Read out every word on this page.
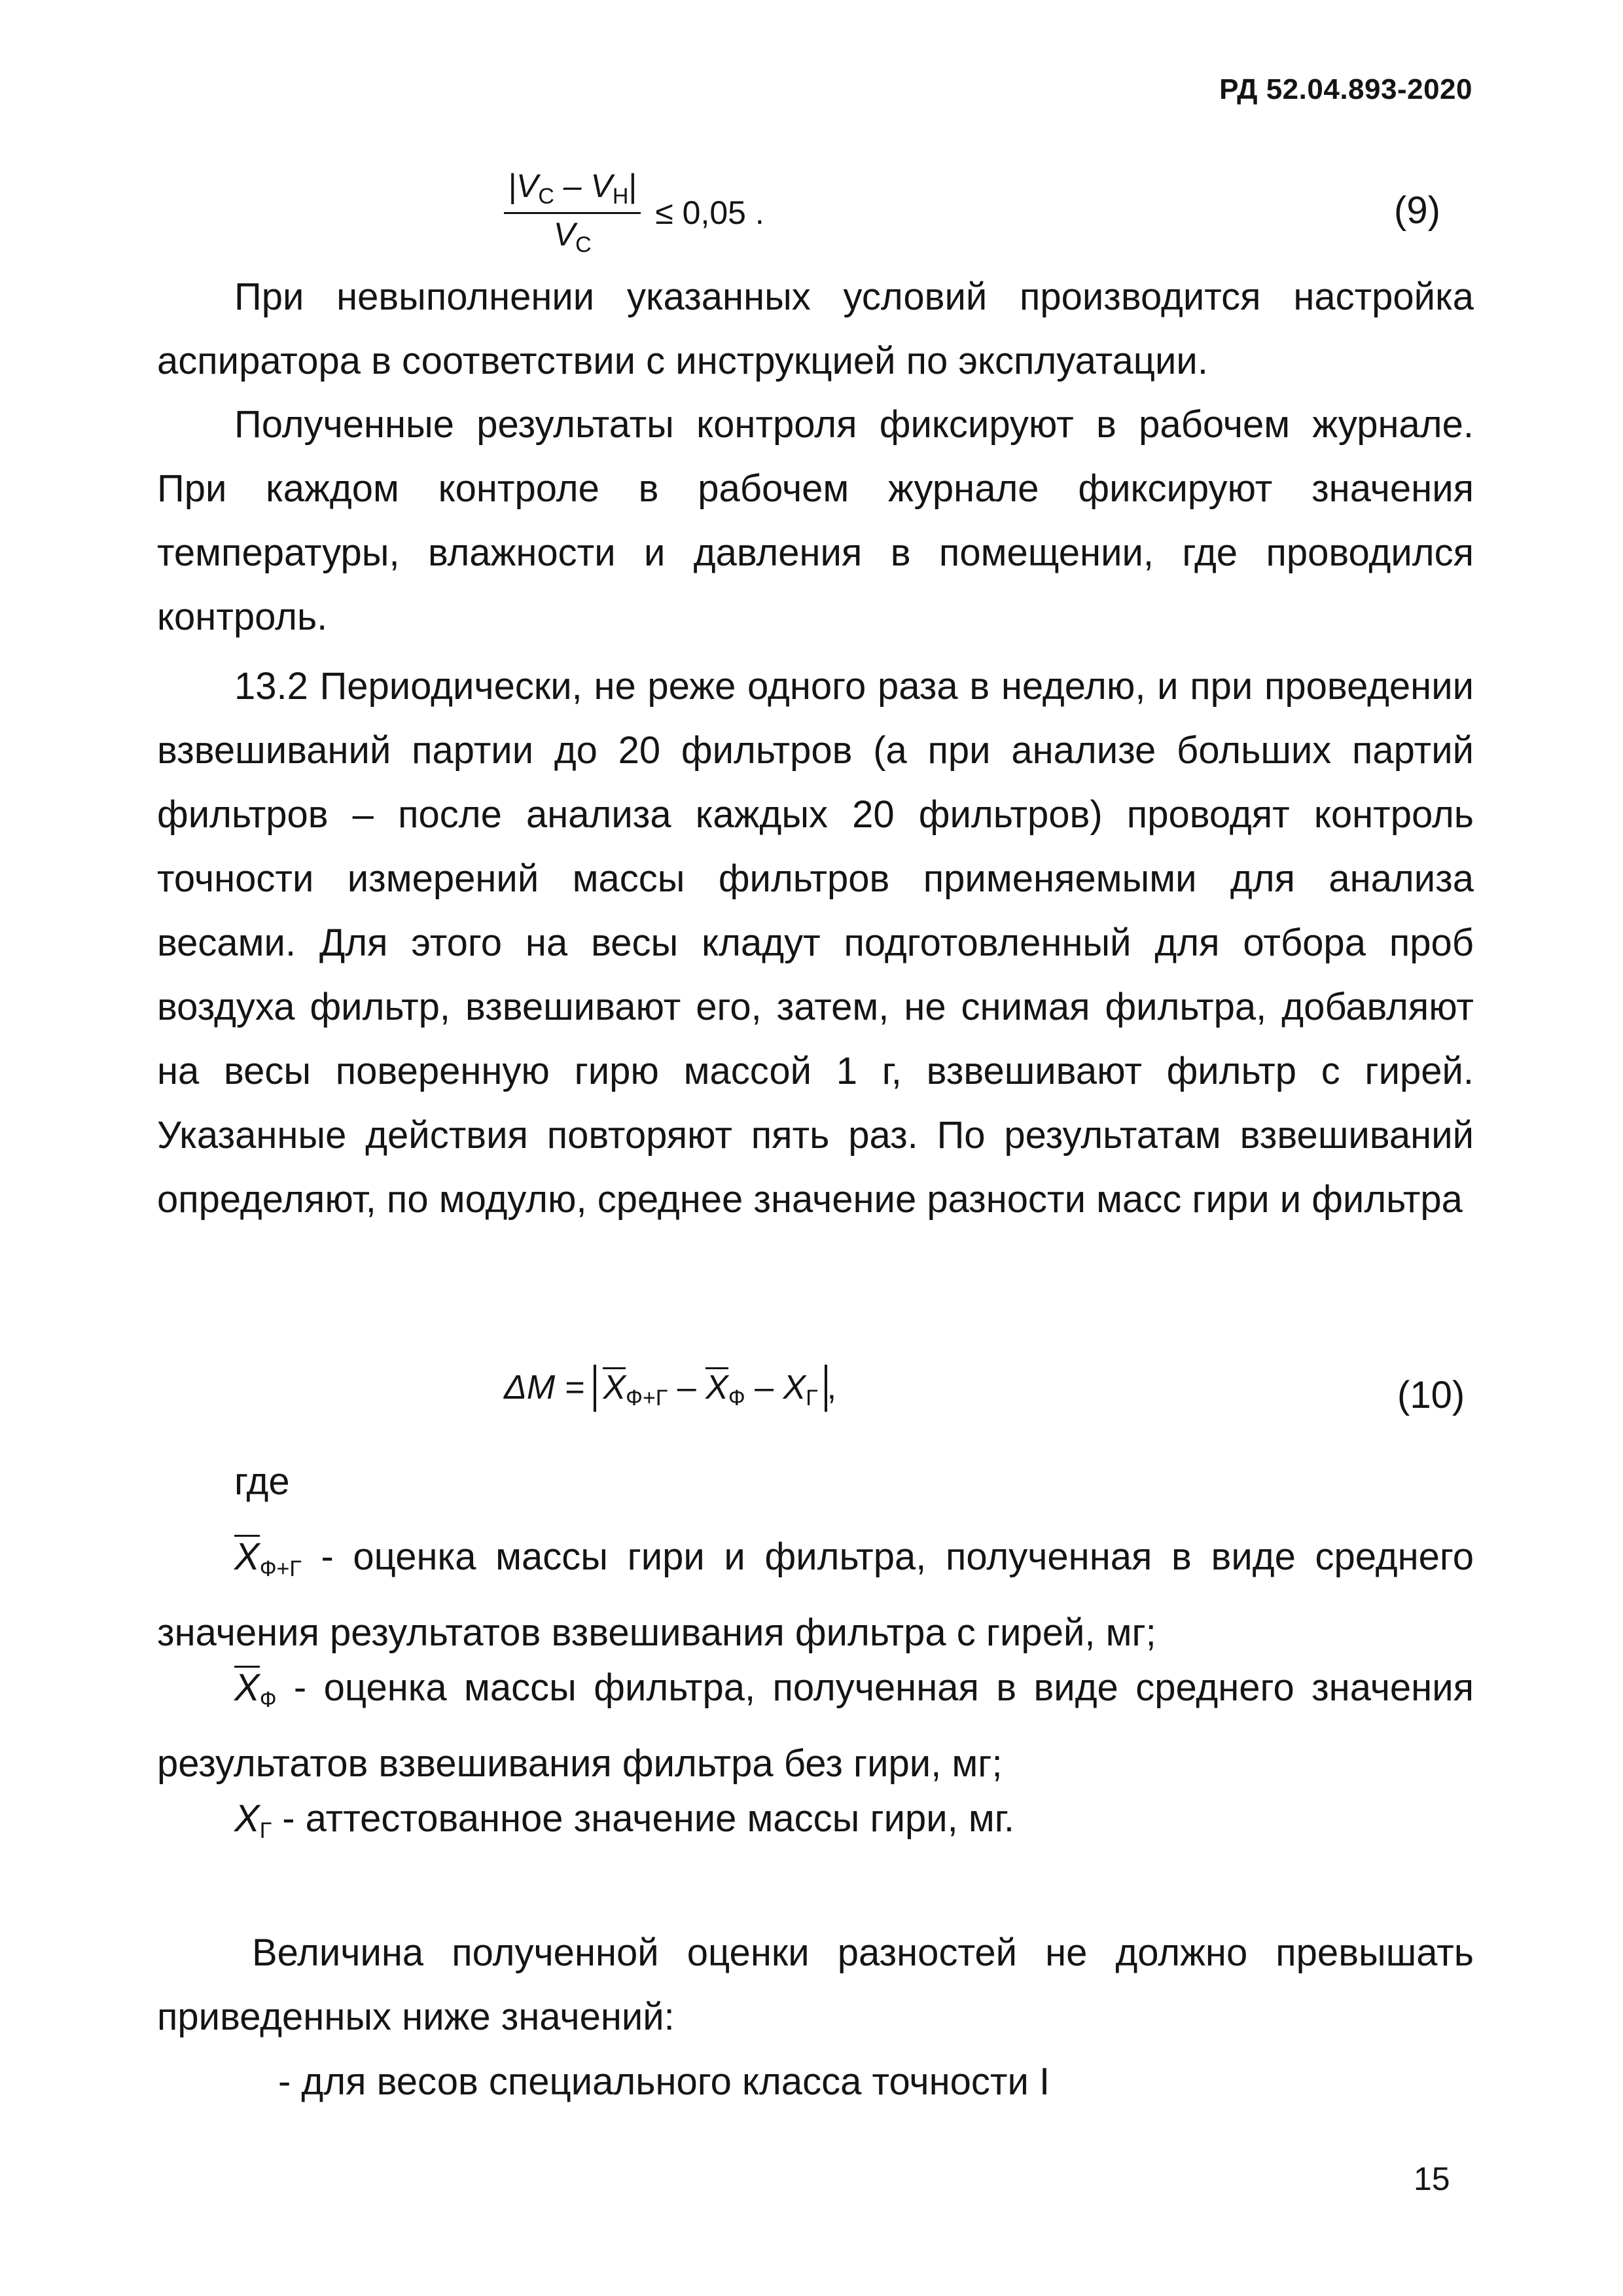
РД 52.04.893-2020
$|V_С - V_Н|$
$V_С$
≤ 0,05 .	(9)

При невыполнении указанных условий производится настройка аспиратора в соответствии с инструкцией по эксплуатации.

Полученные результаты контроля фиксируют в рабочем журнале. При каждом контроле в рабочем журнале фиксируют значения температуры, влажности и давления в помещении, где проводился контроль.

13.2 Периодически, не реже одного раза в неделю, и при проведении взвешиваний партии до 20 фильтров (а при анализе больших партий фильтров – после анализа каждых 20 фильтров) проводят контроль точности измерений массы фильтров применяемыми для анализа весами. Для этого на весы кладут подготовленный для отбора проб воздуха фильтр, взвешивают его, затем, не снимая фильтра, добавляют на весы поверенную гирю массой 1 г, взвешивают фильтр с гирей. Указанные действия повторяют пять раз. По результатам взвешиваний определяют, по модулю, среднее значение разности масс гири и фильтра

$\Delta M = X_{Ф+Г} - X_Ф - X_Г$ ,	(10)
где

$X_{Ф+Г}$ - оценка массы гири и фильтра, полученная в виде среднего значения результатов взвешивания фильтра с гирей, мг;

$X_Ф$ - оценка массы фильтра, полученная в виде среднего значения результатов взвешивания фильтра без гири, мг;

$X_Г$ - аттестованное значение массы гири, мг.

Величина полученной оценки разностей не должно превышать приведенных ниже значений:

- для весов специального класса точности I
15
